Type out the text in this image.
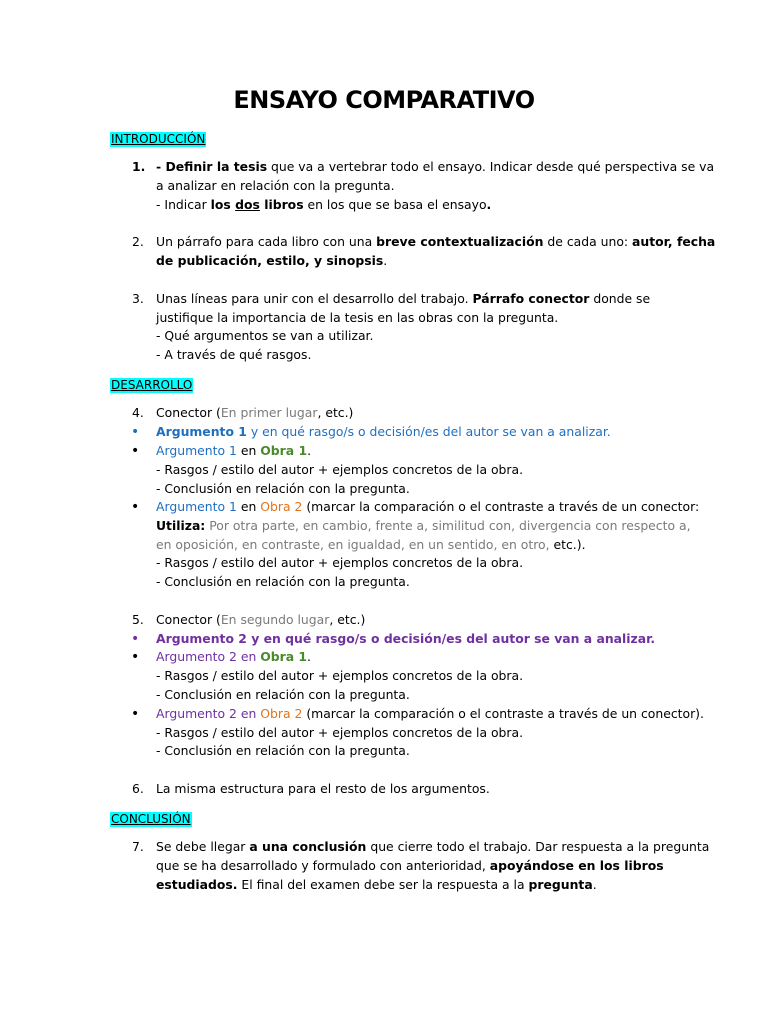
ENSAYO COMPARATIVO
INTRODUCCIÓN
1. - Definir la tesis que va a vertebrar todo el ensayo. Indicar desde qué perspectiva se va
a analizar en relación con la pregunta.
- Indicar los dos libros en los que se basa el ensayo.
2. Un párrafo para cada libro con una breve contextualización de cada uno: autor, fecha
de publicación, estilo, y sinopsis.
3. Unas líneas para unir con el desarrollo del trabajo. Párrafo conector donde se
justifique la importancia de la tesis en las obras con la pregunta.
- Qué argumentos se van a utilizar.
- A través de qué rasgos.
DESARROLLO
4. Conector (En primer lugar, etc.)
• Argumento 1 y en qué rasgo/s o decisión/es del autor se van a analizar.
• Argumento 1 en Obra 1.
- Rasgos / estilo del autor + ejemplos concretos de la obra.
- Conclusión en relación con la pregunta.
• Argumento 1 en Obra 2 (marcar la comparación o el contraste a través de un conector:
Utiliza: Por otra parte, en cambio, frente a, similitud con, divergencia con respecto a,
en oposición, en contraste, en igualdad, en un sentido, en otro, etc.).
- Rasgos / estilo del autor + ejemplos concretos de la obra.
- Conclusión en relación con la pregunta.
5. Conector (En segundo lugar, etc.)
• Argumento 2 y en qué rasgo/s o decisión/es del autor se van a analizar.
• Argumento 2 en Obra 1.
- Rasgos / estilo del autor + ejemplos concretos de la obra.
- Conclusión en relación con la pregunta.
• Argumento 2 en Obra 2 (marcar la comparación o el contraste a través de un conector).
- Rasgos / estilo del autor + ejemplos concretos de la obra.
- Conclusión en relación con la pregunta.
6. La misma estructura para el resto de los argumentos.
CONCLUSIÓN
7. Se debe llegar a una conclusión que cierre todo el trabajo. Dar respuesta a la pregunta
que se ha desarrollado y formulado con anterioridad, apoyándose en los libros
estudiados. El final del examen debe ser la respuesta a la pregunta.
